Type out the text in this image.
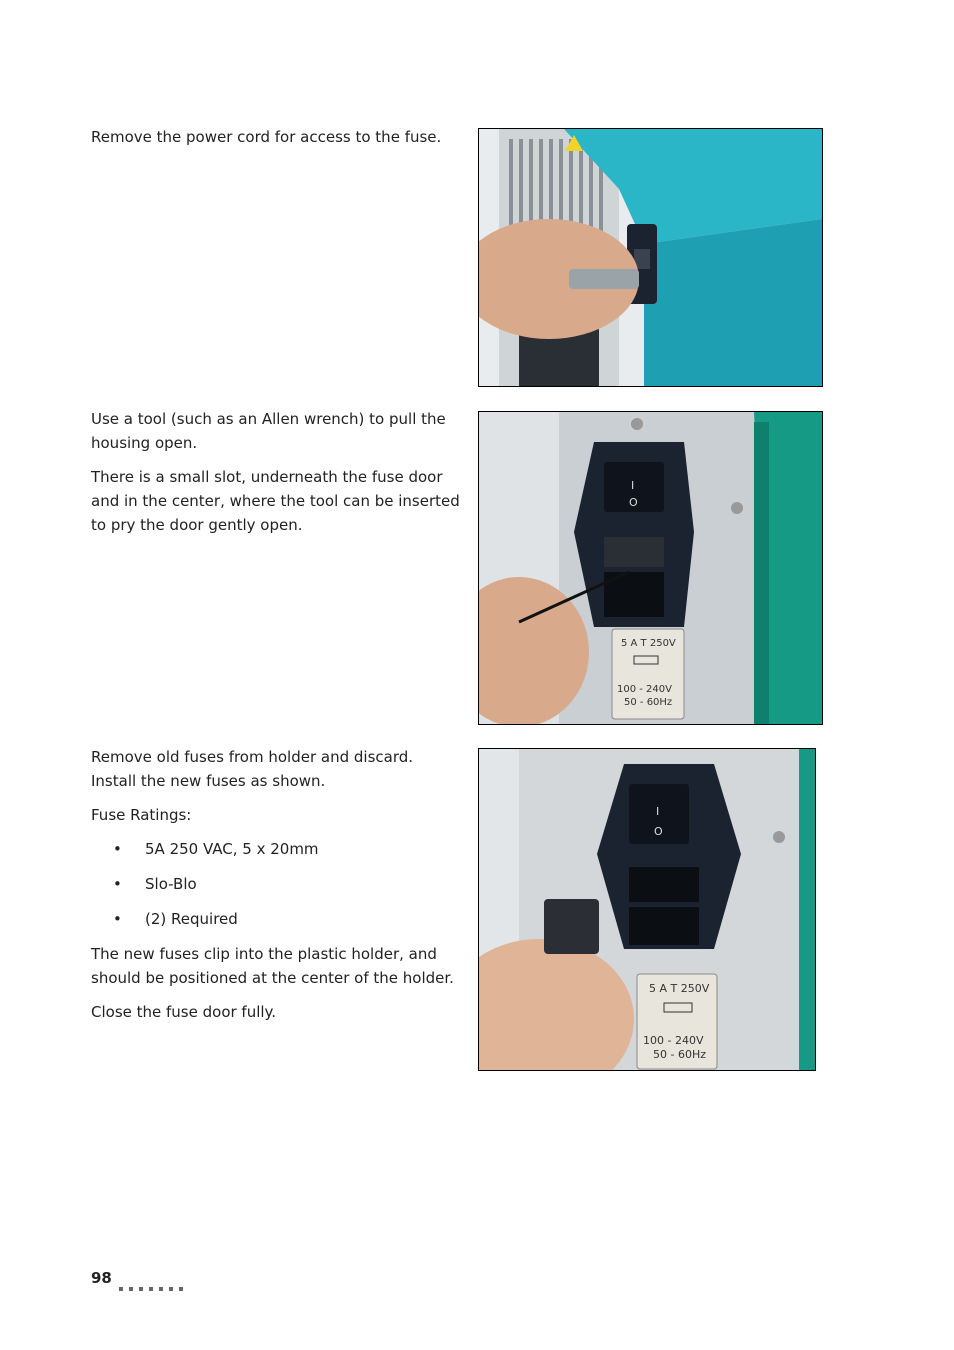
Remove the power cord for access to the fuse.

Use a tool (such as an Allen wrench) to pull the housing open.

There is a small slot, underneath the fuse door and in the center, where the tool can be inserted to pry the door gently open.

I
O
5 A T 250V
100 - 240V
50 - 60Hz

Remove old fuses from holder and discard. Install the new fuses as shown.

Fuse Ratings:

• 5A 250 VAC, 5 x 20mm
• Slo-Blo
• (2) Required

The new fuses clip into the plastic holder, and should be positioned at the center of the holder.

Close the fuse door fully.

I
O
5 A T 250V
100 - 240V
50 - 60Hz
98
